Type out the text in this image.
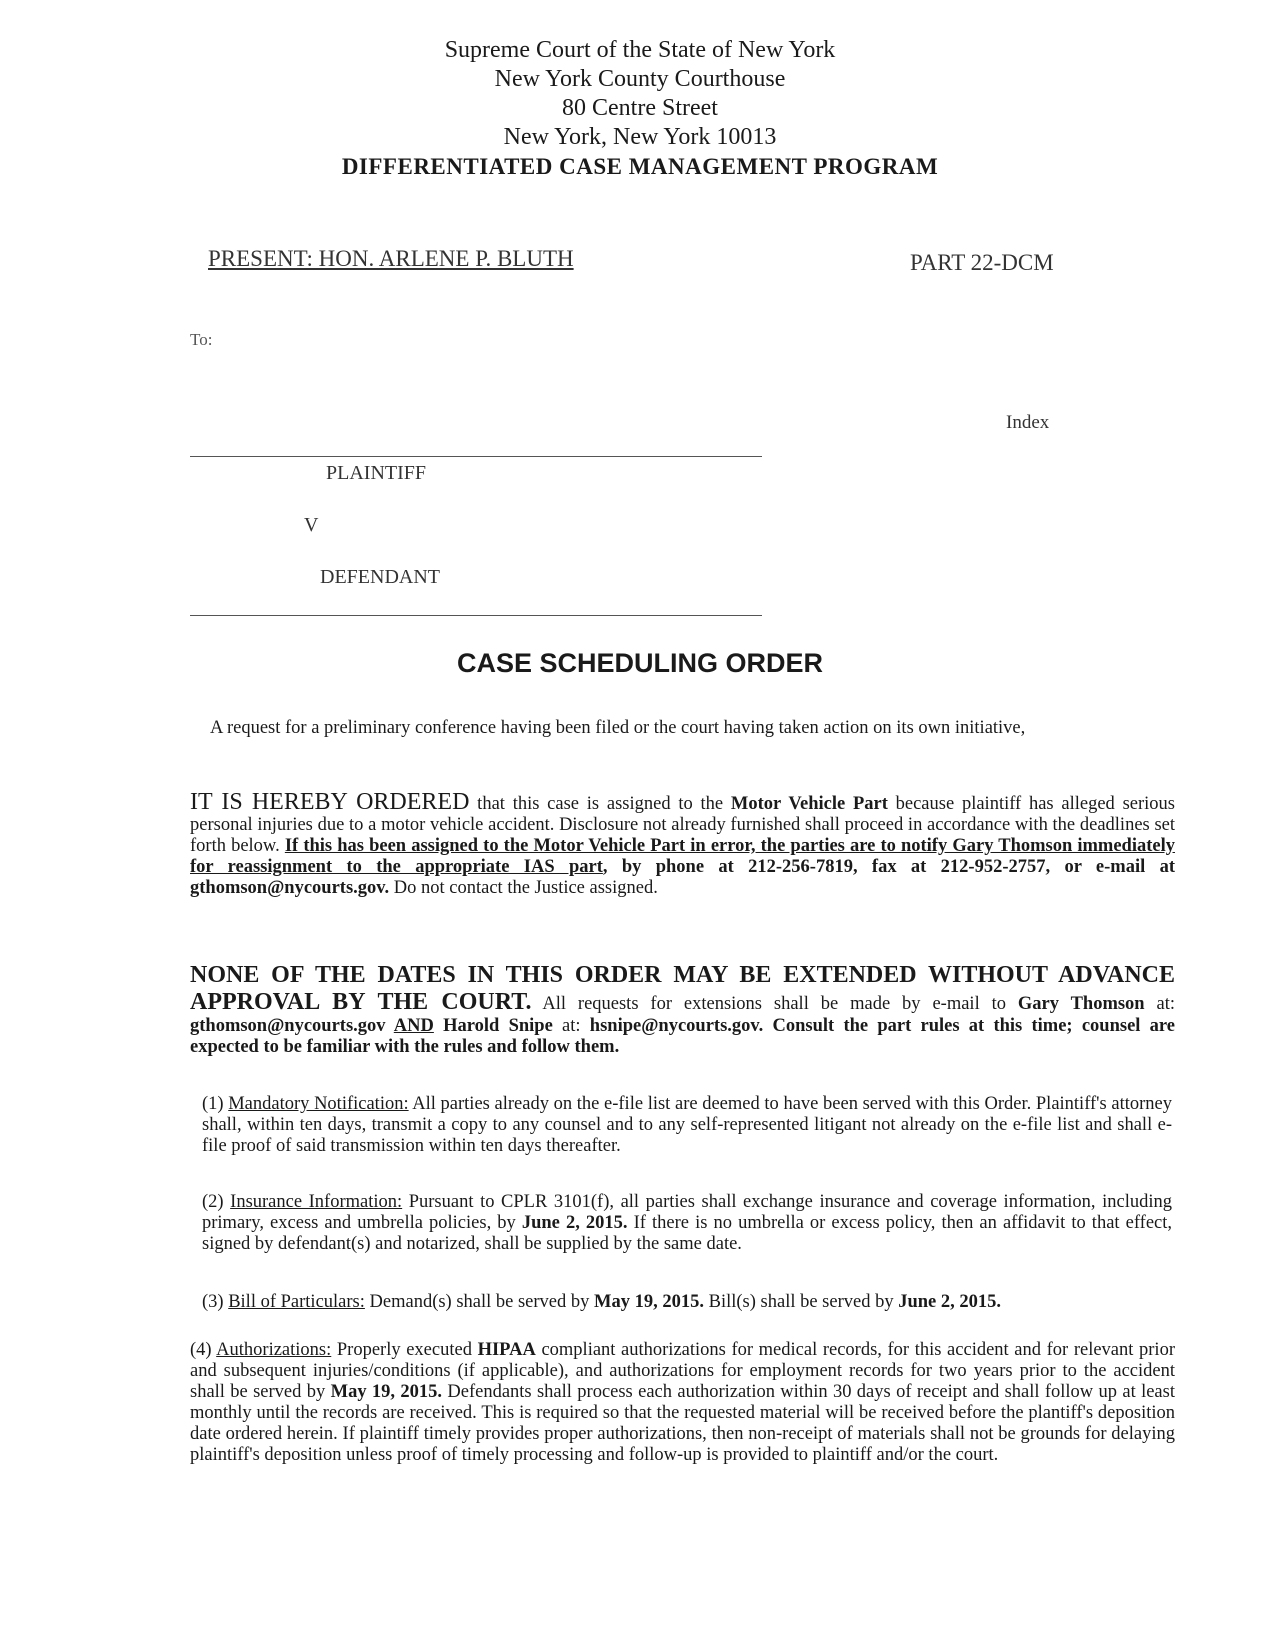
Supreme Court of the State of New York
New York County Courthouse
80 Centre Street
New York, New York 10013
DIFFERENTIATED CASE MANAGEMENT PROGRAM
PRESENT: HON. ARLENE P. BLUTH	PART 22-DCM
To:
Index
PLAINTIFF
V
DEFENDANT
CASE SCHEDULING ORDER
A request for a preliminary conference having been filed or the court having taken action on its own initiative,
IT IS HEREBY ORDERED that this case is assigned to the Motor Vehicle Part because plaintiff has alleged serious personal injuries due to a motor vehicle accident. Disclosure not already furnished shall proceed in accordance with the deadlines set forth below. If this has been assigned to the Motor Vehicle Part in error, the parties are to notify Gary Thomson immediately for reassignment to the appropriate IAS part, by phone at 212-256-7819, fax at 212-952-2757, or e-mail at gthomson@nycourts.gov. Do not contact the Justice assigned.
NONE OF THE DATES IN THIS ORDER MAY BE EXTENDED WITHOUT ADVANCE APPROVAL BY THE COURT. All requests for extensions shall be made by e-mail to Gary Thomson at: gthomson@nycourts.gov AND Harold Snipe at: hsnipe@nycourts.gov. Consult the part rules at this time; counsel are expected to be familiar with the rules and follow them.
(1) Mandatory Notification: All parties already on the e-file list are deemed to have been served with this Order. Plaintiff's attorney shall, within ten days, transmit a copy to any counsel and to any self-represented litigant not already on the e-file list and shall e-file proof of said transmission within ten days thereafter.
(2) Insurance Information: Pursuant to CPLR 3101(f), all parties shall exchange insurance and coverage information, including primary, excess and umbrella policies, by June 2, 2015. If there is no umbrella or excess policy, then an affidavit to that effect, signed by defendant(s) and notarized, shall be supplied by the same date.
(3) Bill of Particulars: Demand(s) shall be served by May 19, 2015. Bill(s) shall be served by June 2, 2015.
(4) Authorizations: Properly executed HIPAA compliant authorizations for medical records, for this accident and for relevant prior and subsequent injuries/conditions (if applicable), and authorizations for employment records for two years prior to the accident shall be served by May 19, 2015. Defendants shall process each authorization within 30 days of receipt and shall follow up at least monthly until the records are received. This is required so that the requested material will be received before the plantiff's deposition date ordered herein. If plaintiff timely provides proper authorizations, then non-receipt of materials shall not be grounds for delaying plaintiff's deposition unless proof of timely processing and follow-up is provided to plaintiff and/or the court.
